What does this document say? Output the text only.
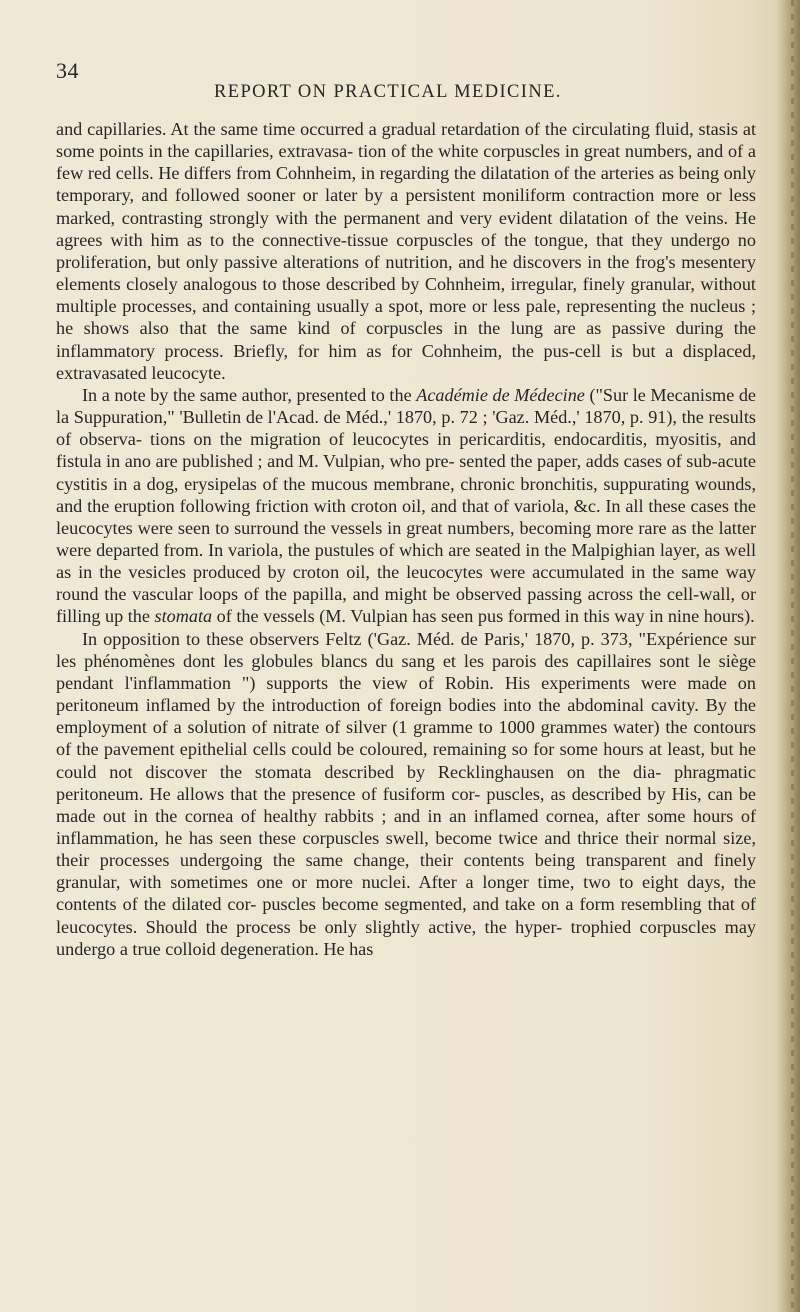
34
REPORT ON PRACTICAL MEDICINE.

and capillaries. At the same time occurred a gradual retardation of the circulating fluid, stasis at some points in the capillaries, extravasa- tion of the white corpuscles in great numbers, and of a few red cells. He differs from Cohnheim, in regarding the dilatation of the arteries as being only temporary, and followed sooner or later by a persistent moniliform contraction more or less marked, contrasting strongly with the permanent and very evident dilatation of the veins. He agrees with him as to the connective-tissue corpuscles of the tongue, that they undergo no proliferation, but only passive alterations of nutrition, and he discovers in the frog's mesentery elements closely analogous to those described by Cohnheim, irregular, finely granular, without multiple processes, and containing usually a spot, more or less pale, representing the nucleus ; he shows also that the same kind of corpuscles in the lung are as passive during the inflammatory process. Briefly, for him as for Cohnheim, the pus-cell is but a displaced, extravasated leucocyte.

In a note by the same author, presented to the Académie de Médecine ("Sur le Mecanisme de la Suppuration," 'Bulletin de l'Acad. de Méd.,' 1870, p. 72 ; 'Gaz. Méd.,' 1870, p. 91), the results of observa- tions on the migration of leucocytes in pericarditis, endocarditis, myositis, and fistula in ano are published ; and M. Vulpian, who pre- sented the paper, adds cases of sub-acute cystitis in a dog, erysipelas of the mucous membrane, chronic bronchitis, suppurating wounds, and the eruption following friction with croton oil, and that of variola, &c. In all these cases the leucocytes were seen to surround the vessels in great numbers, becoming more rare as the latter were departed from. In variola, the pustules of which are seated in the Malpighian layer, as well as in the vesicles produced by croton oil, the leucocytes were accumulated in the same way round the vascular loops of the papilla, and might be observed passing across the cell-wall, or filling up the stomata of the vessels (M. Vulpian has seen pus formed in this way in nine hours).

In opposition to these observers Feltz ('Gaz. Méd. de Paris,' 1870, p. 373, "Expérience sur les phénomènes dont les globules blancs du sang et les parois des capillaires sont le siège pendant l'inflammation ") supports the view of Robin. His experiments were made on peritoneum inflamed by the introduction of foreign bodies into the abdominal cavity. By the employment of a solution of nitrate of silver (1 gramme to 1000 grammes water) the contours of the pavement epithelial cells could be coloured, remaining so for some hours at least, but he could not discover the stomata described by Recklinghausen on the dia- phragmatic peritoneum. He allows that the presence of fusiform cor- puscles, as described by His, can be made out in the cornea of healthy rabbits ; and in an inflamed cornea, after some hours of inflammation, he has seen these corpuscles swell, become twice and thrice their normal size, their processes undergoing the same change, their contents being transparent and finely granular, with sometimes one or more nuclei. After a longer time, two to eight days, the contents of the dilated cor- puscles become segmented, and take on a form resembling that of leucocytes. Should the process be only slightly active, the hyper- trophied corpuscles may undergo a true colloid degeneration. He has
